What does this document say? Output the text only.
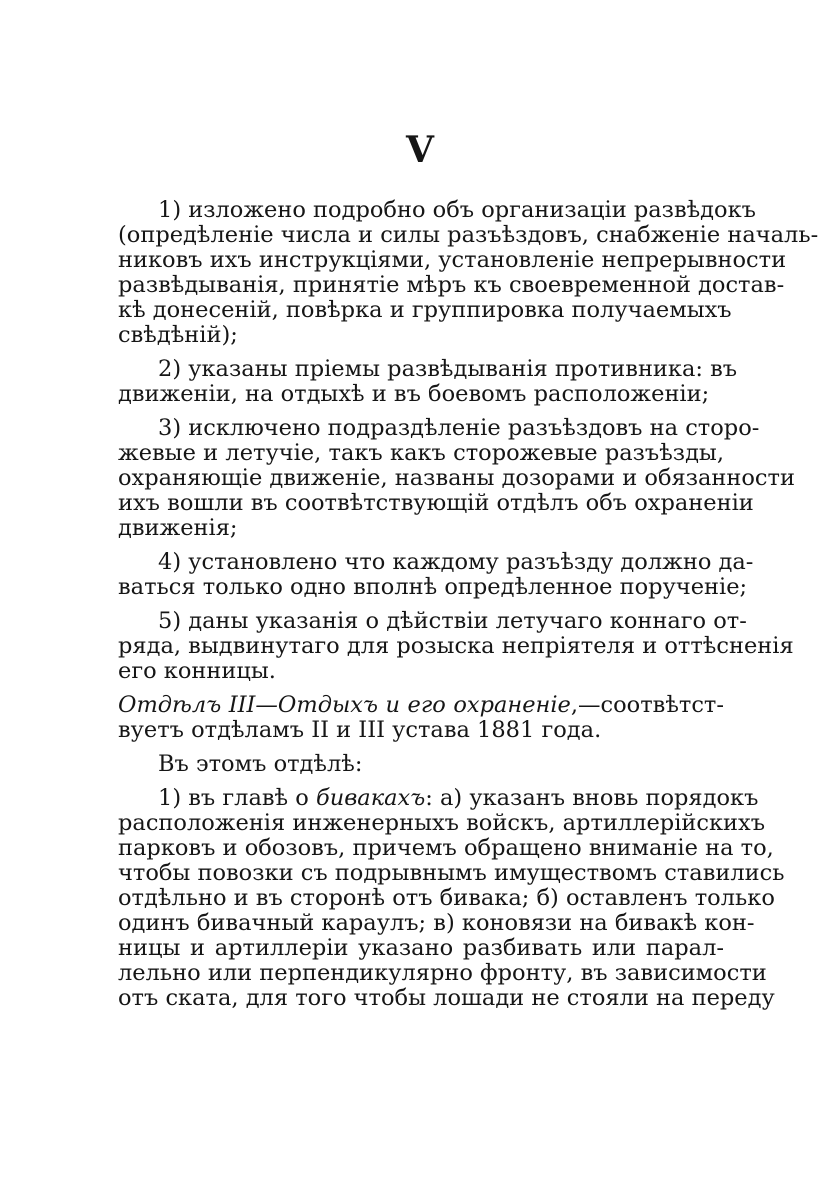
V
1) изложено подробно объ организаціи развѣдокъ
(опредѣленіе числа и силы разъѣздовъ, снабженіе началь-
никовъ ихъ инструкціями, установленіе непрерывности
развѣдыванія, принятіе мѣръ къ своевременной достав-
кѣ донесеній, повѣрка и группировка получаемыхъ
свѣдѣній);
2) указаны пріемы развѣдыванія противника: въ
движеніи, на отдыхѣ и въ боевомъ расположеніи;
3) исключено подраздѣленіе разъѣздовъ на сторо-
жевые и летучіе, такъ какъ сторожевые разъѣзды,
охраняющіе движеніе, названы дозорами и обязанности
ихъ вошли въ соотвѣтствующій отдѣлъ объ охраненіи
движенія;
4) установлено что каждому разъѣзду должно да-
ваться только одно вполнѣ опредѣленное порученіе;
5) даны указанія о дѣйствіи летучаго коннаго от-
ряда, выдвинутаго для розыска непріятеля и оттѣсненія
его конницы.
Отдѣлъ III—Отдыхъ и его охраненіе,—соотвѣтст-
вуетъ отдѣламъ II и III устава 1881 года.
Въ этомъ отдѣлѣ:
1) въ главѣ о бивакахъ: а) указанъ вновь порядокъ
расположенія инженерныхъ войскъ, артиллерійскихъ
парковъ и обозовъ, причемъ обращено вниманіе на то,
чтобы повозки съ подрывнымъ имуществомъ ставились
отдѣльно и въ сторонѣ отъ бивака; б) оставленъ только
одинъ бивачный караулъ; в) коновязи на бивакѣ кон-
ницы и артиллеріи указано разбивать или парал-
лельно или перпендикулярно фронту, въ зависимости
отъ ската, для того чтобы лошади не стояли на переду
